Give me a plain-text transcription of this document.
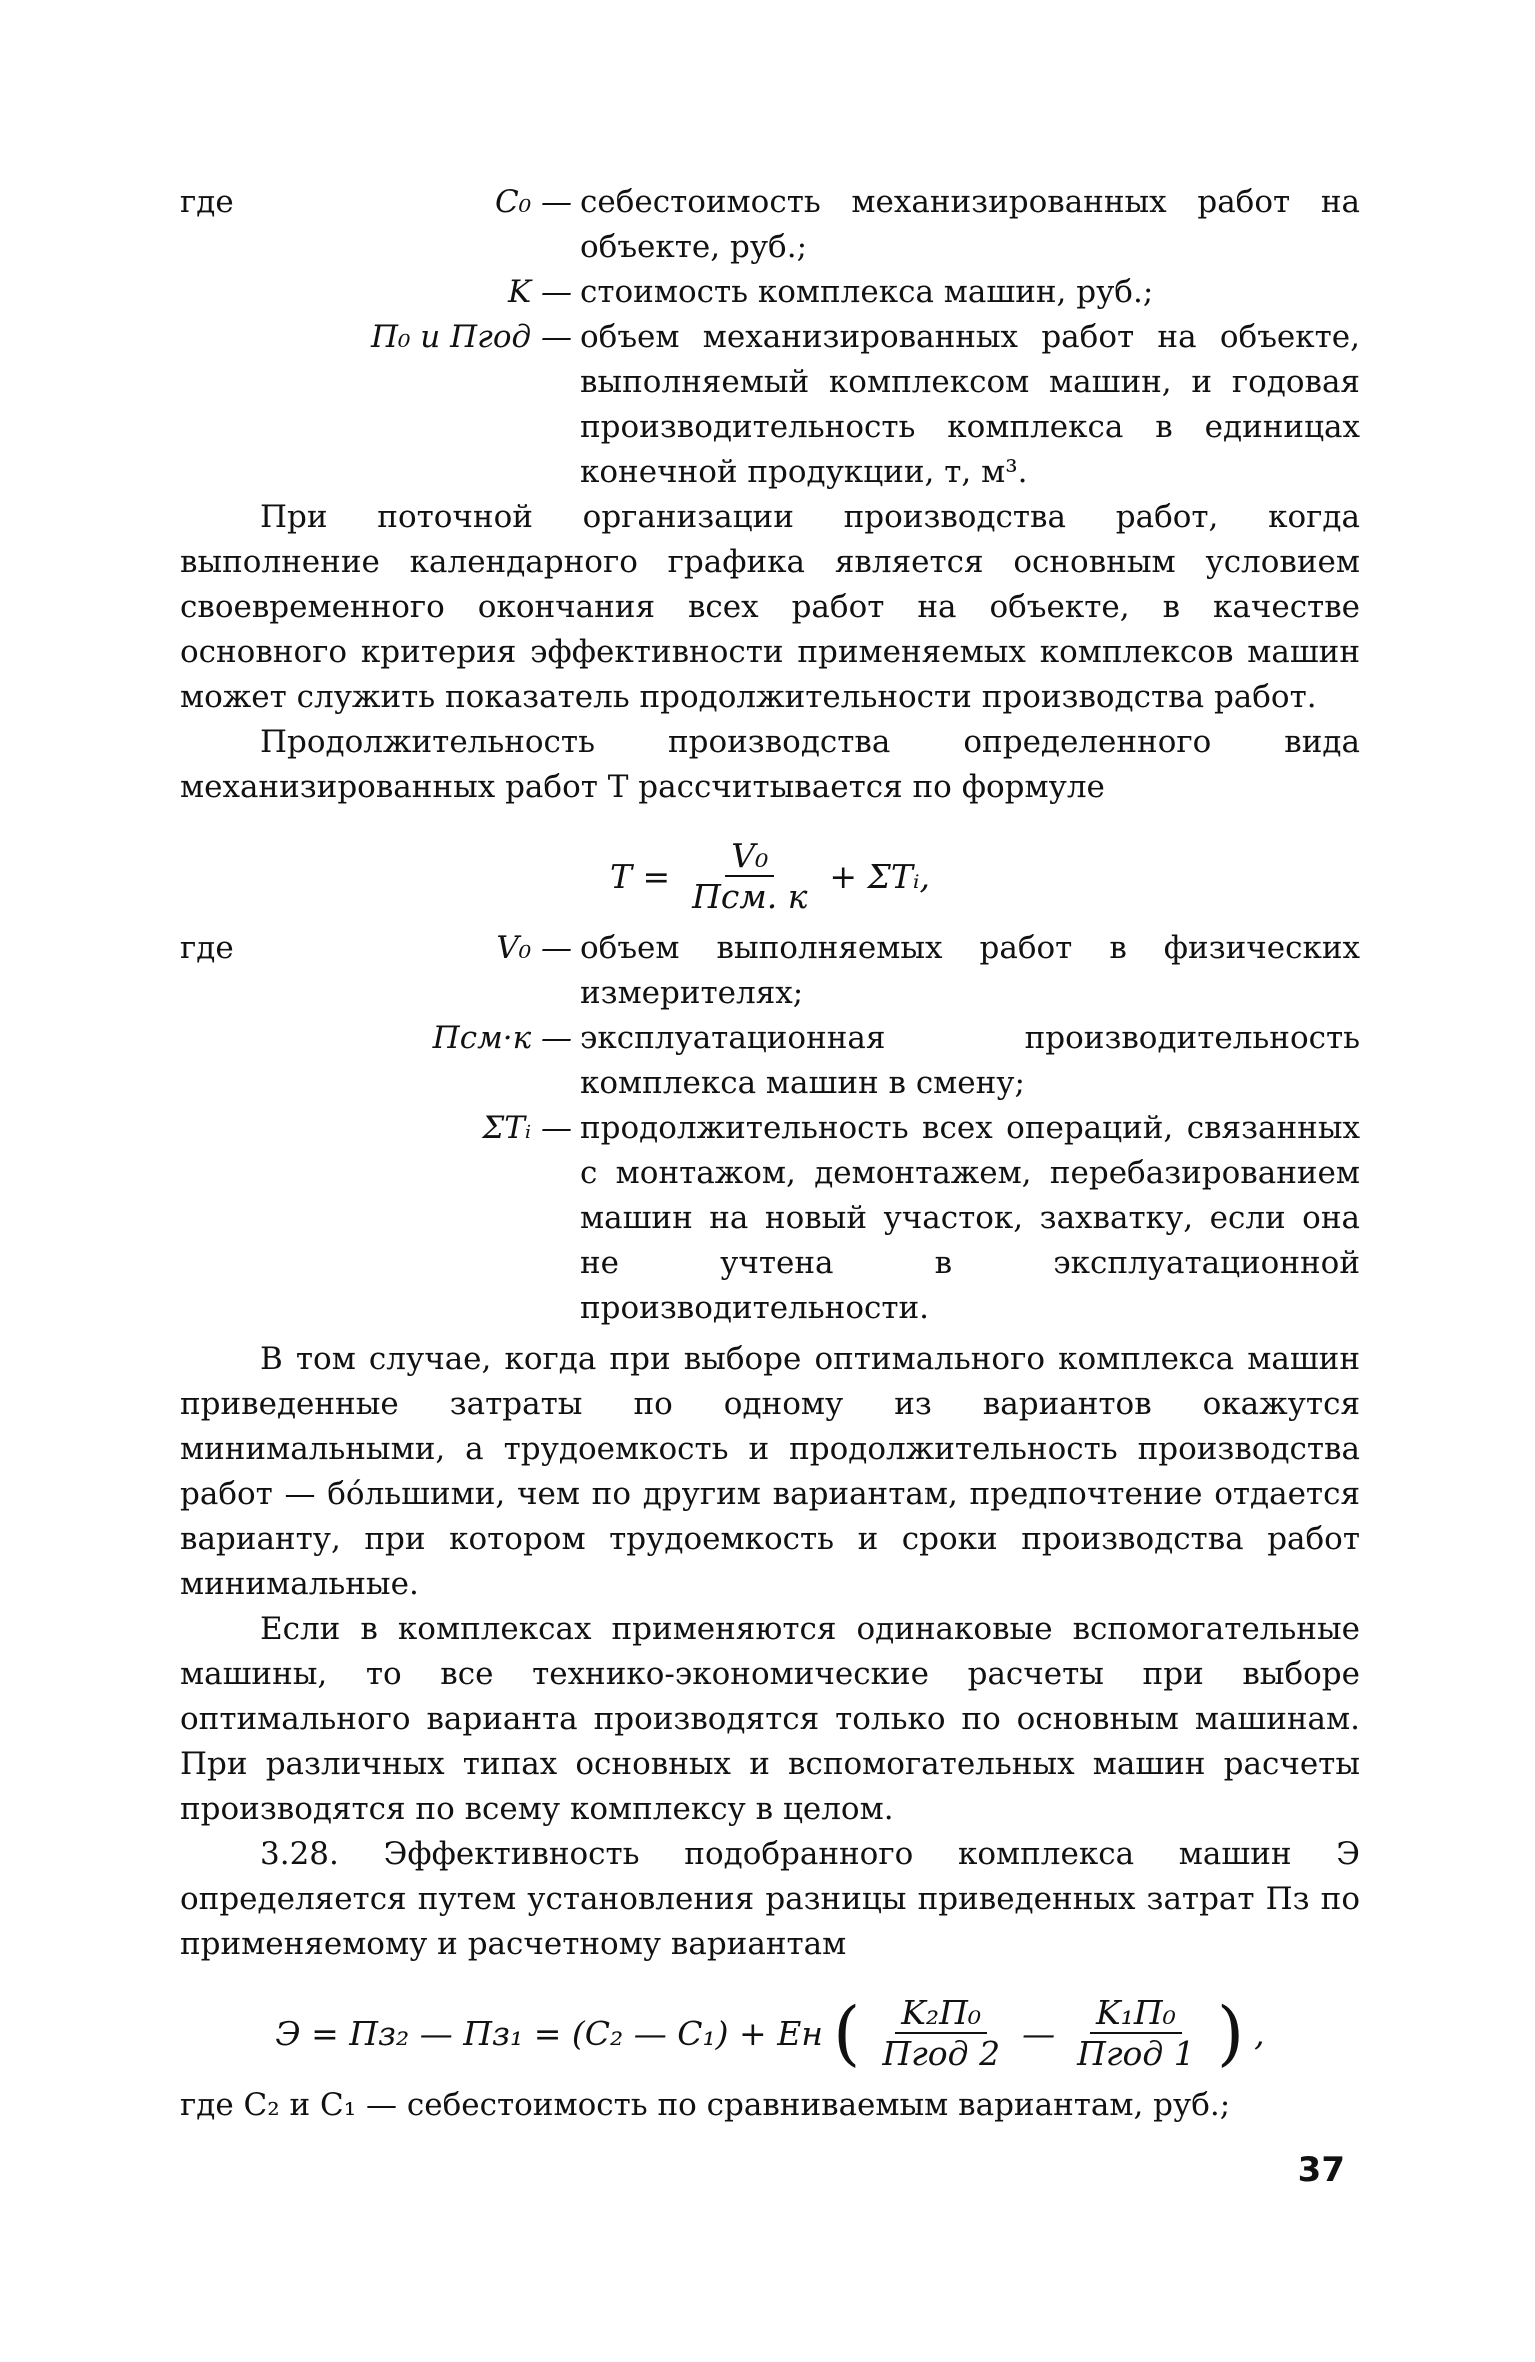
где	C₀ — себестоимость механизированных работ на объекте, руб.;
K — стоимость комплекса машин, руб.;
П₀ и Пгод — объем механизированных работ на объекте, выполняемый комплексом машин, и годовая производительность комплекса в единицах конечной продукции, т, м³.

При поточной организации производства работ, когда выполнение календарного графика является основным условием своевременного окончания всех работ на объекте, в качестве основного критерия эффективности применяемых комплексов машин может служить показатель продолжительности производства работ.

Продолжительность производства определенного вида механизированных работ T рассчитывается по формуле

$T = \frac{\text{V₀}}{\text{Псм. к}}$ + ΣTᵢ,
где	V₀ — объем выполняемых работ в физических измерителях;
Псм·к — эксплуатационная производительность комплекса машин в смену;
ΣTᵢ — продолжительность всех операций, связанных с монтажом, демонтажем, перебазированием машин на новый участок, захватку, если она не учтена в эксплуатационной производительности.

В том случае, когда при выборе оптимального комплекса машин приведенные затраты по одному из вариантов окажутся минимальными, а трудоемкость и продолжительность производства работ — бóльшими, чем по другим вариантам, предпочтение отдается варианту, при котором трудоемкость и сроки производства работ минимальные.

Если в комплексах применяются одинаковые вспомогательные машины, то все технико-экономические расчеты при выборе оптимального варианта производятся только по основным машинам. При различных типах основных и вспомогательных машин расчеты производятся по всему комплексу в целом.

3.28. Эффективность подобранного комплекса машин Э определяется путем установления разницы приведенных затрат Пз по применяемому и расчетному вариантам

Э = Пз₂ — Пз₁ = (C₂ — C₁) + Eн ( $\frac{\text{K₂П₀}}{\text{Пгод 2}}$ — $\frac{\text{K₁П₀}}{\text{Пгод 1}}$ ) ,

где C₂ и C₁ — себестоимость по сравниваемым вариантам, руб.;

37
